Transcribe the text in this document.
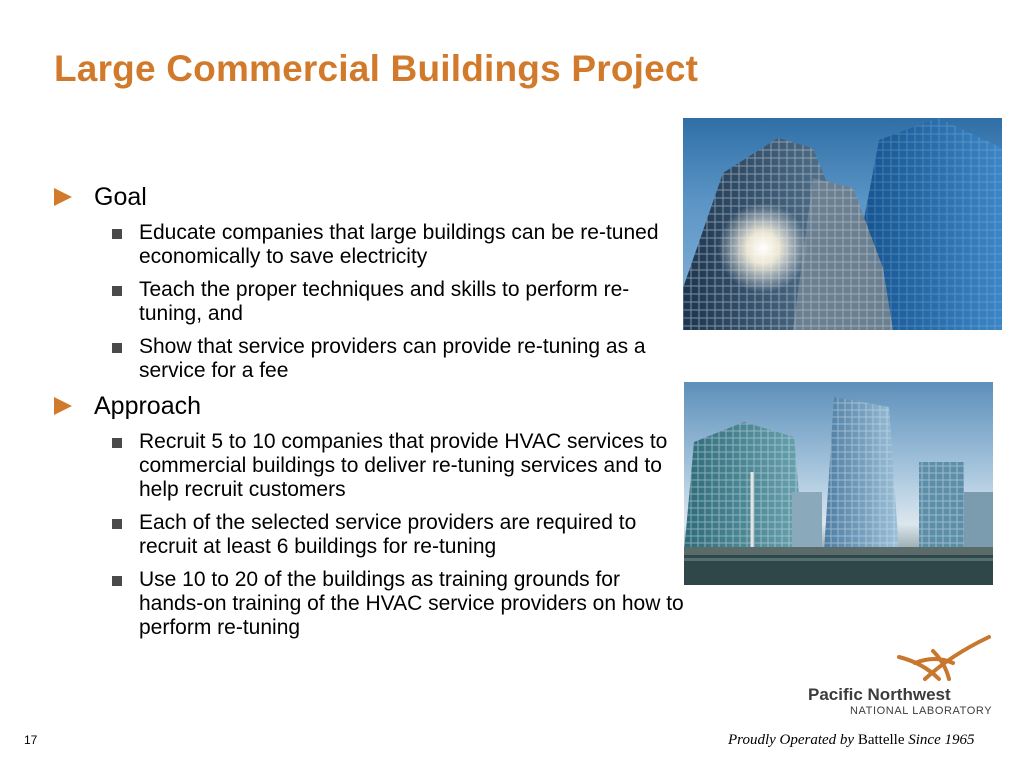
Large Commercial Buildings Project
Goal
Educate companies that large buildings can be re-tuned economically to save electricity
Teach the proper techniques and skills to perform re-tuning, and
Show that service providers can provide re-tuning as a service for a fee
Approach
Recruit 5 to 10 companies that provide HVAC services to commercial buildings to deliver re-tuning services and to help recruit customers
Each of the selected service providers are required to recruit at least 6 buildings for re-tuning
Use 10 to 20 of the buildings as training grounds for hands-on training of the HVAC service providers on how to perform re-tuning
17
Pacific Northwest
NATIONAL LABORATORY
Proudly Operated by Battelle Since 1965
